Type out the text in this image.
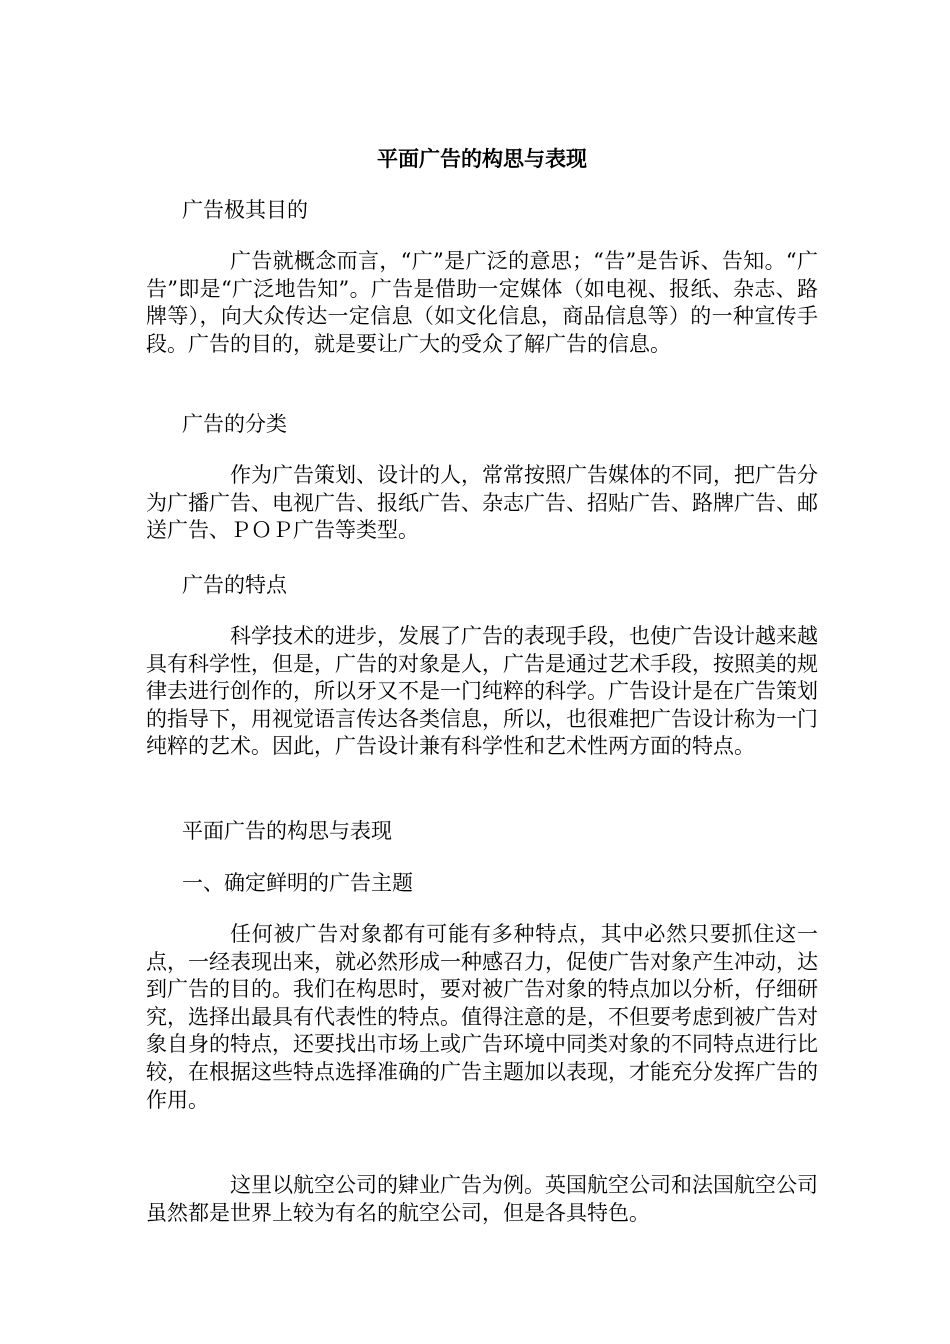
平面广告的构思与表现

广告极其目的

广告就概念而言，“广”是广泛的意思；“告”是告诉、告知。“广告”即是“广泛地告知”。广告是借助一定媒体（如电视、报纸、杂志、路牌等），向大众传达一定信息（如文化信息，商品信息等）的一种宣传手段。广告的目的，就是要让广大的受众了解广告的信息。

广告的分类

作为广告策划、设计的人，常常按照广告媒体的不同，把广告分为广播广告、电视广告、报纸广告、杂志广告、招贴广告、路牌广告、邮送广告、ＰＯＰ广告等类型。

广告的特点

科学技术的进步，发展了广告的表现手段，也使广告设计越来越具有科学性，但是，广告的对象是人，广告是通过艺术手段，按照美的规律去进行创作的，所以牙又不是一门纯粹的科学。广告设计是在广告策划的指导下，用视觉语言传达各类信息，所以，也很难把广告设计称为一门纯粹的艺术。因此，广告设计兼有科学性和艺术性两方面的特点。

平面广告的构思与表现

一、确定鲜明的广告主题

任何被广告对象都有可能有多种特点，其中必然只要抓住这一点，一经表现出来，就必然形成一种感召力，促使广告对象产生冲动，达到广告的目的。我们在构思时，要对被广告对象的特点加以分析，仔细研究，选择出最具有代表性的特点。值得注意的是，不但要考虑到被广告对象自身的特点，还要找出市场上或广告环境中同类对象的不同特点进行比较，在根据这些特点选择准确的广告主题加以表现，才能充分发挥广告的作用。

这里以航空公司的肄业广告为例。英国航空公司和法国航空公司虽然都是世界上较为有名的航空公司，但是各具特色。
